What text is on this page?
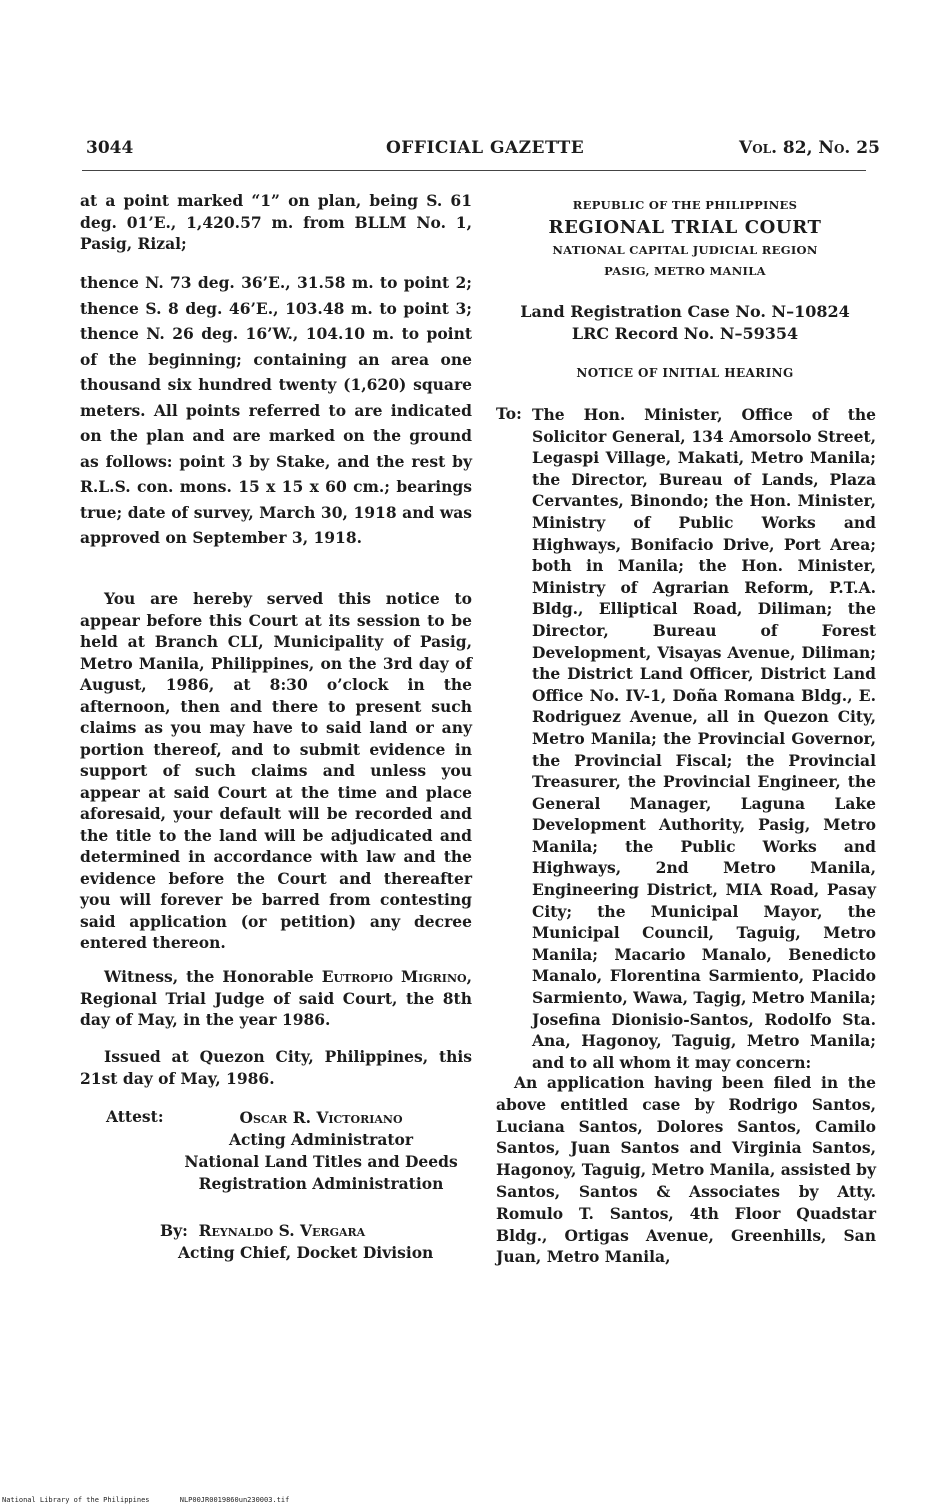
3044	OFFICIAL GAZETTE	Vol. 82, No. 25

at a point marked “1” on plan, being S. 61 deg. 01’E., 1,420.57 m. from BLLM No. 1, Pasig, Rizal;

thence N. 73 deg. 36’E., 31.58 m. to point 2; thence S. 8 deg. 46’E., 103.48 m. to point 3; thence N. 26 deg. 16’W., 104.10 m. to point of the beginning; containing an area one thousand six hundred twenty (1,620) square meters. All points referred to are indicated on the plan and are marked on the ground as follows: point 3 by Stake, and the rest by R.L.S. con. mons. 15 x 15 x 60 cm.; bearings true; date of survey, March 30, 1918 and was approved on September 3, 1918.

You are hereby served this notice to appear before this Court at its session to be held at Branch CLI, Municipality of Pasig, Metro Manila, Philippines, on the 3rd day of August, 1986, at 8:30 o’clock in the afternoon, then and there to present such claims as you may have to said land or any portion thereof, and to submit evidence in support of such claims and unless you appear at said Court at the time and place aforesaid, your default will be recorded and the title to the land will be adjudicated and determined in accordance with law and the evidence before the Court and thereafter you will forever be barred from contesting said application (or petition) any decree entered thereon.

Witness, the Honorable Eutropio Migrino, Regional Trial Judge of said Court, the 8th day of May, in the year 1986.

Issued at Quezon City, Philippines, this 21st day of May, 1986.

Attest:	Oscar R. Victoriano
Acting Administrator
National Land Titles and Deeds
Registration Administration
By: Reynaldo S. Vergara
Acting Chief, Docket Division
REPUBLIC OF THE PHILIPPINES
REGIONAL TRIAL COURT
NATIONAL CAPITAL JUDICIAL REGION
PASIG, METRO MANILA
Land Registration Case No. N–10824
LRC Record No. N–59354
NOTICE OF INITIAL HEARING
To: The Hon. Minister, Office of the Solicitor General, 134 Amorsolo Street, Legaspi Village, Makati, Metro Manila; the Director, Bureau of Lands, Plaza Cervantes, Binondo; the Hon. Minister, Ministry of Public Works and Highways, Bonifacio Drive, Port Area; both in Manila; the Hon. Minister, Ministry of Agrarian Reform, P.T.A. Bldg., Elliptical Road, Diliman; the Director, Bureau of Forest Development, Visayas Avenue, Diliman; the District Land Officer, District Land Office No. IV-1, Doña Romana Bldg., E. Rodriguez Avenue, all in Quezon City, Metro Manila; the Provincial Governor, the Provincial Fiscal; the Provincial Treasurer, the Provincial Engineer, the General Manager, Laguna Lake Development Authority, Pasig, Metro Manila; the Public Works and Highways, 2nd Metro Manila, Engineering District, MIA Road, Pasay City; the Municipal Mayor, the Municipal Council, Taguig, Metro Manila; Macario Manalo, Benedicto Manalo, Florentina Sarmiento, Placido Sarmiento, Wawa, Tagig, Metro Manila; Josefina Dionisio-Santos, Rodolfo Sta. Ana, Hagonoy, Taguig, Metro Manila; and to all whom it may concern:
An application having been filed in the above entitled case by Rodrigo Santos, Luciana Santos, Dolores Santos, Camilo Santos, Juan Santos and Virginia Santos, Hagonoy, Taguig, Metro Manila, assisted by Santos, Santos & Associates by Atty. Romulo T. Santos, 4th Floor Quadstar Bldg., Ortigas Avenue, Greenhills, San Juan, Metro Manila,
National Library of the Philippines	NLP00JR0019860un230003.tif
